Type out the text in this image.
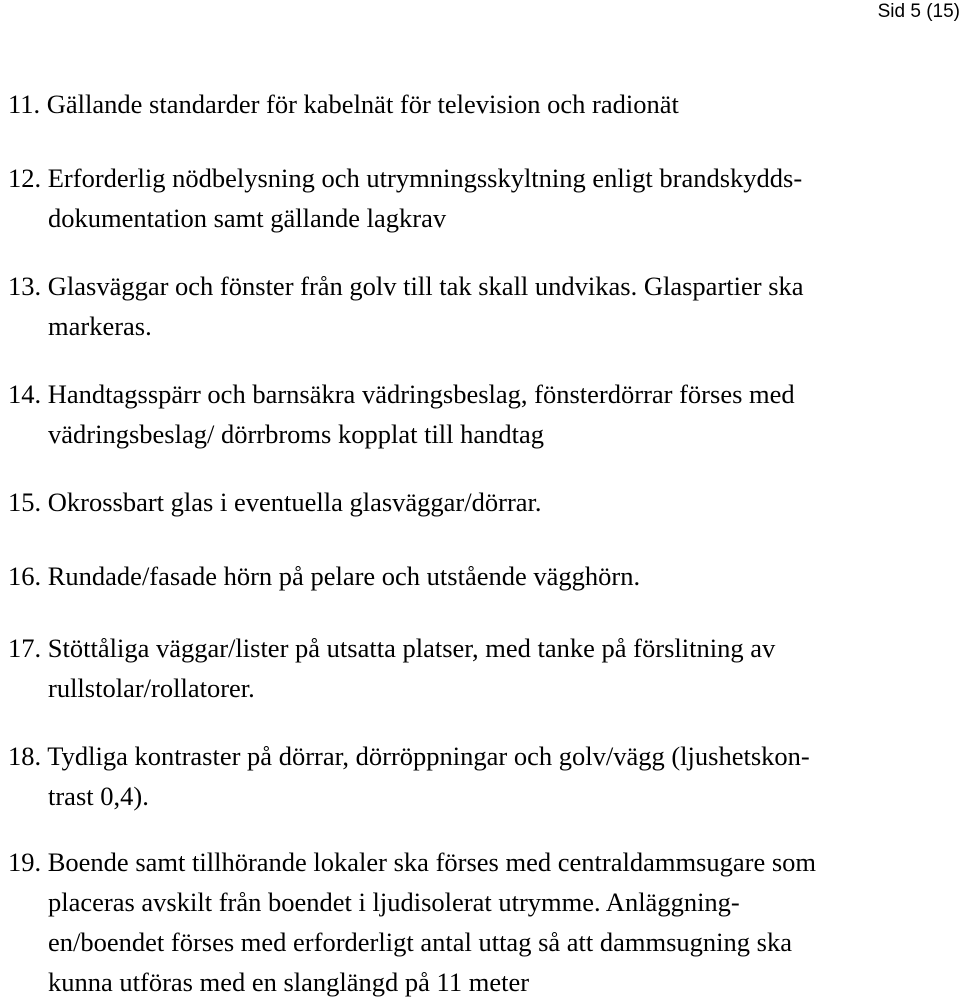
Sid 5 (15)
11. Gällande standarder för kabelnät för television och radionät
12. Erforderlig nödbelysning och utrymningsskyltning enligt brandskydds-
dokumentation samt gällande lagkrav
13. Glasväggar och fönster från golv till tak skall undvikas. Glaspartier ska
markeras.
14. Handtagsspärr och barnsäkra vädringsbeslag, fönsterdörrar förses med
vädringsbeslag/ dörrbroms kopplat till handtag
15. Okrossbart glas i eventuella glasväggar/dörrar.
16. Rundade/fasade hörn på pelare och utstående vägghörn.
17. Stöttåliga väggar/lister på utsatta platser, med tanke på förslitning av
rullstolar/rollatorer.
18. Tydliga kontraster på dörrar, dörröppningar och golv/vägg (ljushetskon-
trast 0,4).
19. Boende samt tillhörande lokaler ska förses med centraldammsugare som
placeras avskilt från boendet i ljudisolerat utrymme. Anläggning-
en/boendet förses med erforderligt antal uttag så att dammsugning ska
kunna utföras med en slanglängd på 11 meter
